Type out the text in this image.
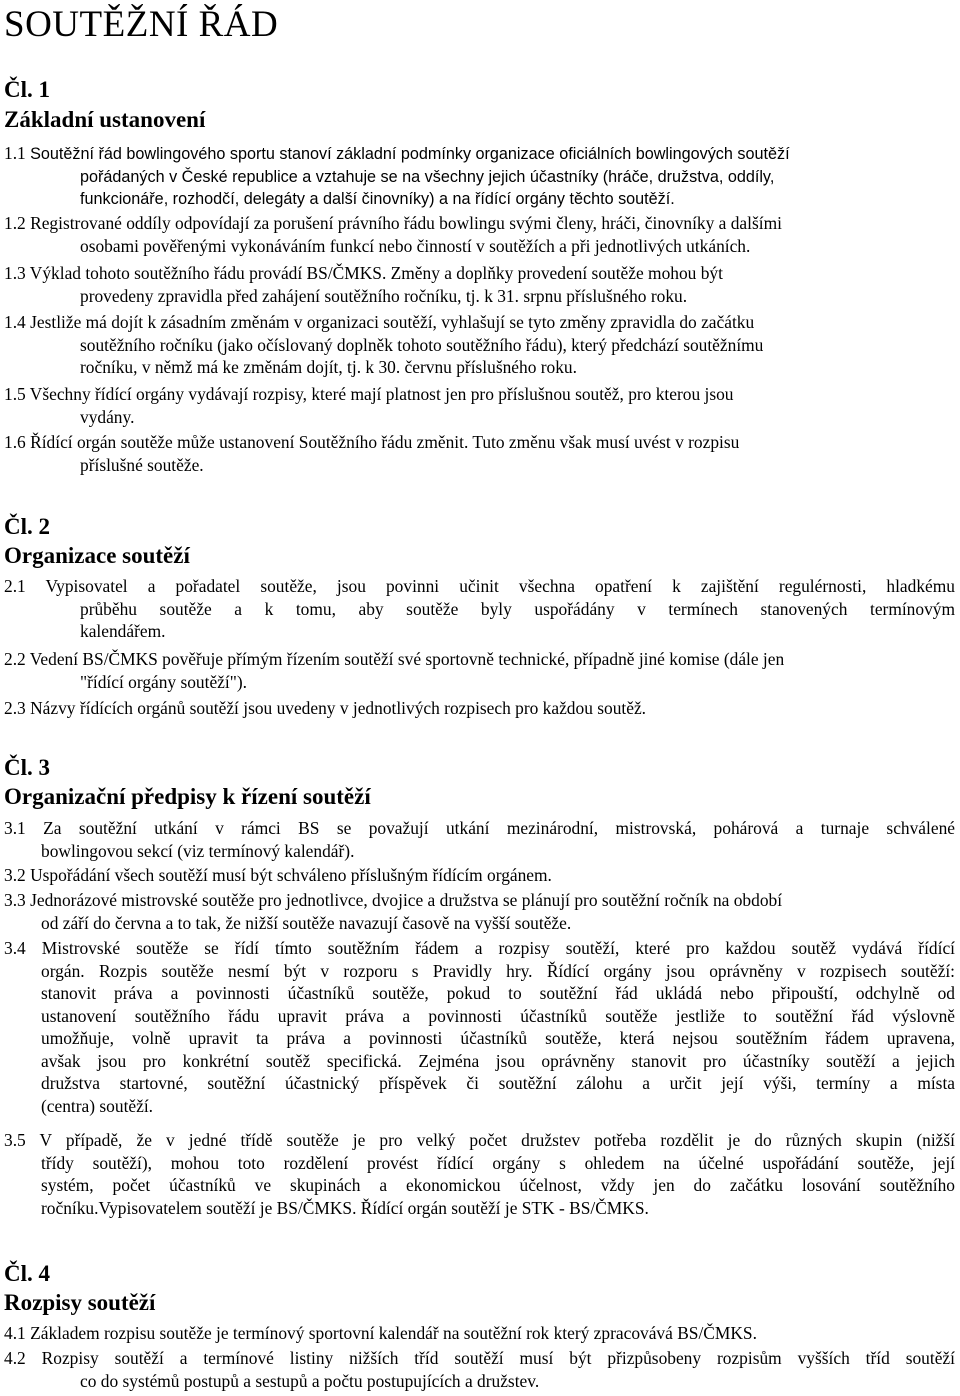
SOUTĚŽNÍ ŘÁD
Čl. 1
Základní ustanovení
1.1 Soutěžní řád bowlingového sportu stanoví základní podmínky organizace oficiálních bowlingových soutěží
pořádaných v České republice a vztahuje se na všechny jejich účastníky (hráče, družstva, oddíly,
funkcionáře, rozhodčí, delegáty a další činovníky) a na řídící orgány těchto soutěží.
1.2 Registrované oddíly odpovídají za porušení právního řádu bowlingu svými členy, hráči, činovníky a dalšími
osobami pověřenými vykonáváním funkcí nebo činností v soutěžích a při jednotlivých utkáních.
1.3 Výklad tohoto soutěžního řádu provádí BS/ČMKS. Změny a doplňky provedení soutěže mohou být
provedeny zpravidla před zahájení soutěžního ročníku, tj. k 31. srpnu příslušného roku.
1.4 Jestliže má dojít k zásadním změnám v organizaci soutěží, vyhlašují se tyto změny zpravidla do začátku
soutěžního ročníku (jako očíslovaný doplněk tohoto soutěžního řádu), který předchází soutěžnímu
ročníku, v němž má ke změnám dojít, tj. k 30. červnu příslušného roku.
1.5 Všechny řídící orgány vydávají rozpisy, které mají platnost jen pro příslušnou soutěž, pro kterou jsou
vydány.
1.6 Řídící orgán soutěže může ustanovení Soutěžního řádu změnit. Tuto změnu však musí uvést v rozpisu
příslušné soutěže.
Čl. 2
Organizace soutěží
2.1 Vypisovatel a pořadatel soutěže, jsou povinni učinit všechna opatření k zajištění regulérnosti, hladkému
průběhu soutěže a k tomu, aby soutěže byly uspořádány v termínech stanovených termínovým
kalendářem.
2.2 Vedení BS/ČMKS pověřuje přímým řízením soutěží své sportovně technické, případně jiné komise (dále jen
"řídící orgány soutěží").
2.3 Názvy řídících orgánů soutěží jsou uvedeny v jednotlivých rozpisech pro každou soutěž.
Čl. 3
Organizační předpisy k řízení soutěží
3.1 Za soutěžní utkání v rámci BS se považují utkání mezinárodní, mistrovská, pohárová a turnaje schválené
bowlingovou sekcí (viz termínový kalendář).
3.2 Uspořádání všech soutěží musí být schváleno příslušným řídícím orgánem.
3.3 Jednorázové mistrovské soutěže pro jednotlivce, dvojice a družstva se plánují pro soutěžní ročník na období
od září do června a to tak, že nižší soutěže navazují časově na vyšší soutěže.
3.4 Mistrovské soutěže se řídí tímto soutěžním řádem a rozpisy soutěží, které pro každou soutěž vydává řídící
orgán. Rozpis soutěže nesmí být v rozporu s Pravidly hry. Řídící orgány jsou oprávněny v rozpisech soutěží:
stanovit práva a povinnosti účastníků soutěže, pokud to soutěžní řád ukládá nebo připouští, odchylně od
ustanovení soutěžního řádu upravit práva a povinnosti účastníků soutěže jestliže to soutěžní řád výslovně
umožňuje, volně upravit ta práva a povinnosti účastníků soutěže, která nejsou soutěžním řádem upravena,
avšak jsou pro konkrétní soutěž specifická. Zejména jsou oprávněny stanovit pro účastníky soutěží a jejich
družstva startovné, soutěžní účastnický příspěvek či soutěžní zálohu a určit její výši, termíny a místa
(centra) soutěží.
3.5 V případě, že v jedné třídě soutěže je pro velký počet družstev potřeba rozdělit je do různých skupin (nižší
třídy soutěží), mohou toto rozdělení provést řídící orgány s ohledem na účelné uspořádání soutěže, její
systém, počet účastníků ve skupinách a ekonomickou účelnost, vždy jen do začátku losování soutěžního
ročníku.Vypisovatelem soutěží je BS/ČMKS. Řídící orgán soutěží je STK - BS/ČMKS.
Čl. 4
Rozpisy soutěží
4.1 Základem rozpisu soutěže je termínový sportovní kalendář na soutěžní rok který zpracovává BS/ČMKS.
4.2 Rozpisy soutěží a termínové listiny nižších tříd soutěží musí být přizpůsobeny rozpisům vyšších tříd soutěží
co do systémů postupů a sestupů a počtu postupujících a družstev.
